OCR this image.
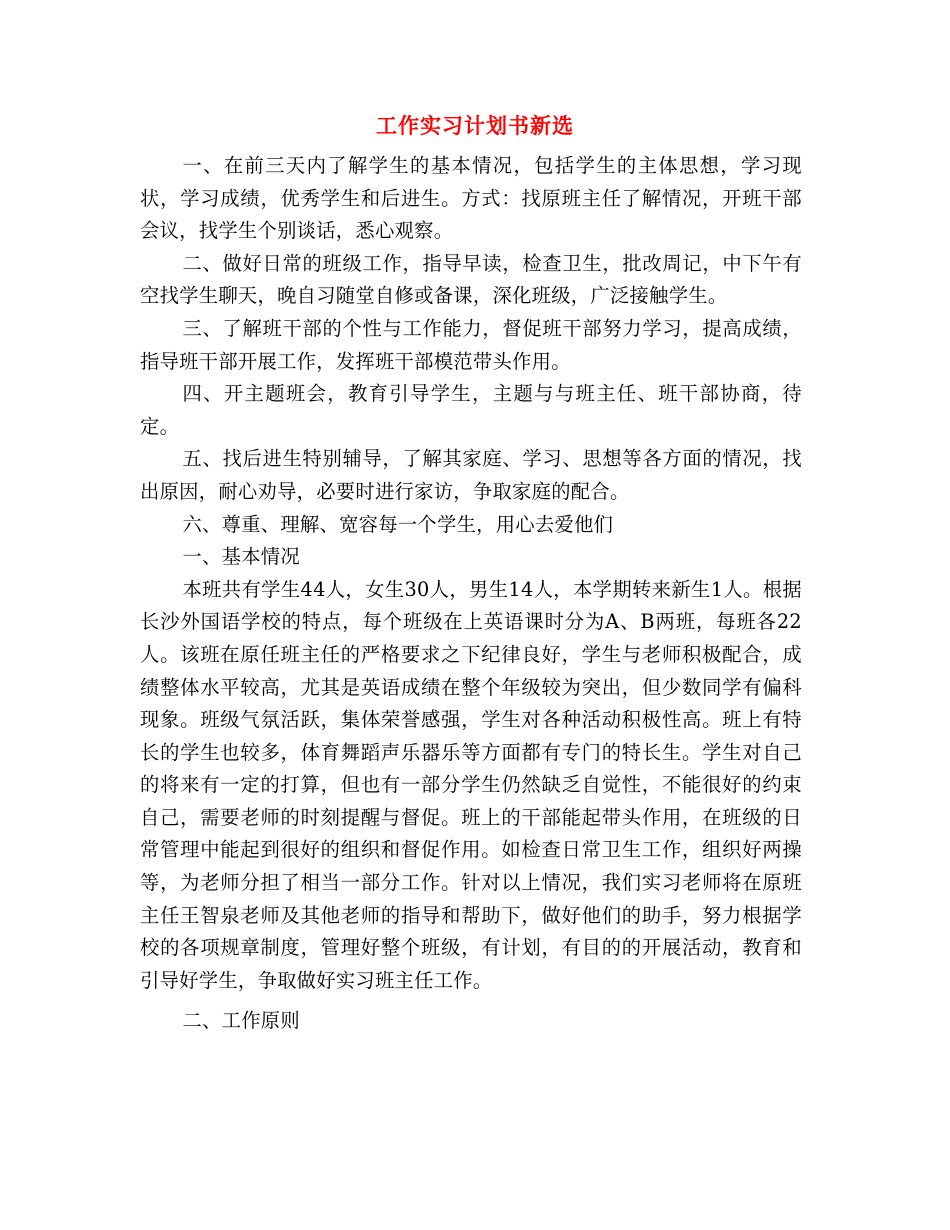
工作实习计划书新选

一、在前三天内了解学生的基本情况，包括学生的主体思想，学习现状，学习成绩，优秀学生和后进生。方式：找原班主任了解情况，开班干部会议，找学生个别谈话，悉心观察。

二、做好日常的班级工作，指导早读，检查卫生，批改周记，中下午有空找学生聊天，晚自习随堂自修或备课，深化班级，广泛接触学生。

三、了解班干部的个性与工作能力，督促班干部努力学习，提高成绩，指导班干部开展工作，发挥班干部模范带头作用。

四、开主题班会，教育引导学生，主题与与班主任、班干部协商，待定。

五、找后进生特别辅导，了解其家庭、学习、思想等各方面的情况，找出原因，耐心劝导，必要时进行家访，争取家庭的配合。

六、尊重、理解、宽容每一个学生，用心去爱他们

一、基本情况

本班共有学生44人，女生30人，男生14人，本学期转来新生1人。根据长沙外国语学校的特点，每个班级在上英语课时分为A、B两班，每班各22人。该班在原任班主任的严格要求之下纪律良好，学生与老师积极配合，成绩整体水平较高，尤其是英语成绩在整个年级较为突出，但少数同学有偏科现象。班级气氛活跃，集体荣誉感强，学生对各种活动积极性高。班上有特长的学生也较多，体育舞蹈声乐器乐等方面都有专门的特长生。学生对自己的将来有一定的打算，但也有一部分学生仍然缺乏自觉性，不能很好的约束自己，需要老师的时刻提醒与督促。班上的干部能起带头作用，在班级的日常管理中能起到很好的组织和督促作用。如检查日常卫生工作，组织好两操等，为老师分担了相当一部分工作。针对以上情况，我们实习老师将在原班主任王智泉老师及其他老师的指导和帮助下，做好他们的助手，努力根据学校的各项规章制度，管理好整个班级，有计划，有目的的开展活动，教育和引导好学生，争取做好实习班主任工作。

二、工作原则
